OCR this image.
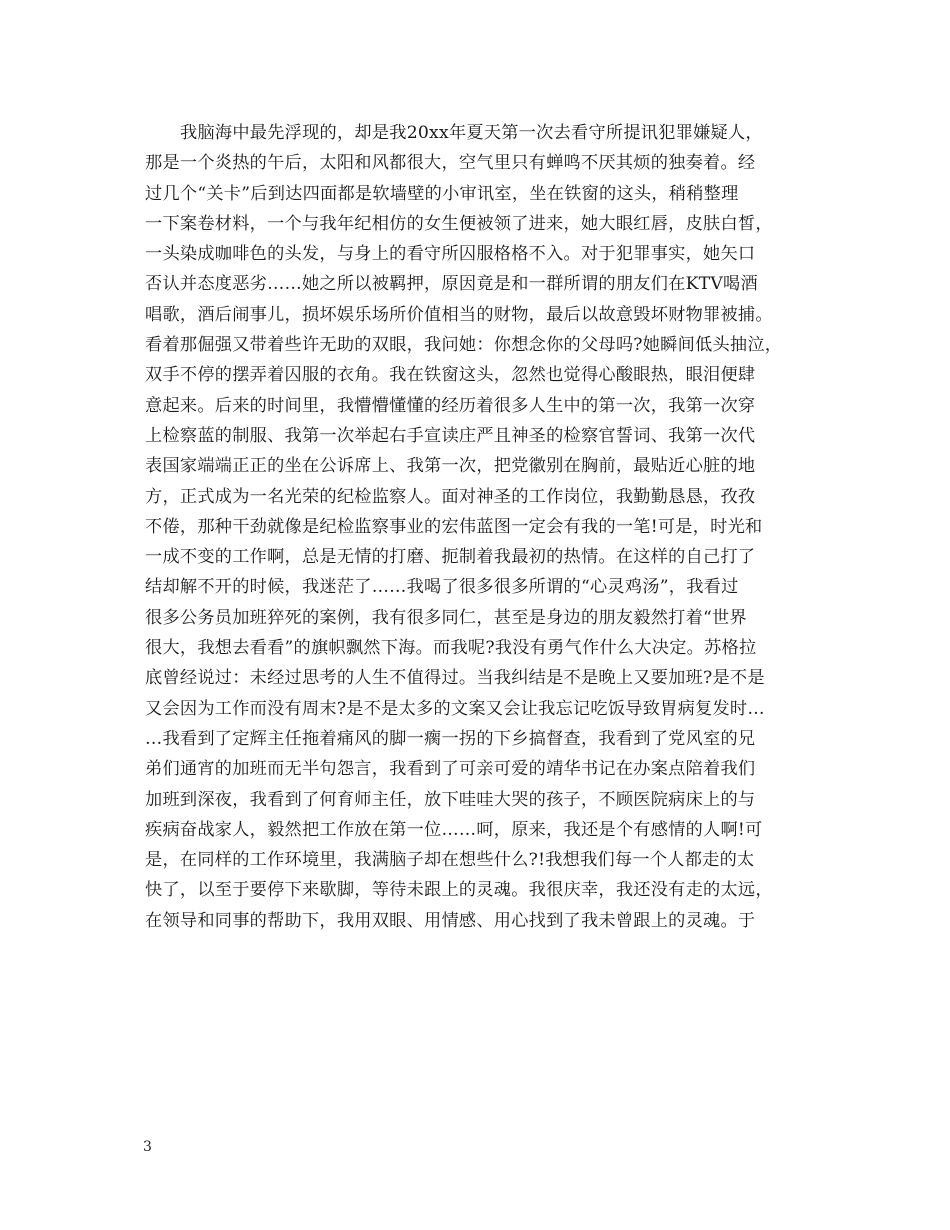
我脑海中最先浮现的，却是我20xx年夏天第一次去看守所提讯犯罪嫌疑人，
那是一个炎热的午后，太阳和风都很大，空气里只有蝉鸣不厌其烦的独奏着。经
过几个“关卡”后到达四面都是软墙壁的小审讯室，坐在铁窗的这头，稍稍整理
一下案卷材料，一个与我年纪相仿的女生便被领了进来，她大眼红唇，皮肤白皙，
一头染成咖啡色的头发，与身上的看守所囚服格格不入。对于犯罪事实，她矢口
否认并态度恶劣……她之所以被羁押，原因竟是和一群所谓的朋友们在KTV喝酒
唱歌，酒后闹事儿，损坏娱乐场所价值相当的财物，最后以故意毁坏财物罪被捕。
看着那倔强又带着些许无助的双眼，我问她：你想念你的父母吗?她瞬间低头抽泣，
双手不停的摆弄着囚服的衣角。我在铁窗这头，忽然也觉得心酸眼热，眼泪便肆
意起来。后来的时间里，我懵懵懂懂的经历着很多人生中的第一次，我第一次穿
上检察蓝的制服、我第一次举起右手宣读庄严且神圣的检察官誓词、我第一次代
表国家端端正正的坐在公诉席上、我第一次，把党徽别在胸前，最贴近心脏的地
方，正式成为一名光荣的纪检监察人。面对神圣的工作岗位，我勤勤恳恳，孜孜
不倦，那种干劲就像是纪检监察事业的宏伟蓝图一定会有我的一笔!可是，时光和
一成不变的工作啊，总是无情的打磨、扼制着我最初的热情。在这样的自己打了
结却解不开的时候，我迷茫了……我喝了很多很多所谓的“心灵鸡汤”，我看过
很多公务员加班猝死的案例，我有很多同仁，甚至是身边的朋友毅然打着“世界
很大，我想去看看”的旗帜飘然下海。而我呢?我没有勇气作什么大决定。苏格拉
底曾经说过：未经过思考的人生不值得过。当我纠结是不是晚上又要加班?是不是
又会因为工作而没有周末?是不是太多的文案又会让我忘记吃饭导致胃病复发时…
…我看到了定辉主任拖着痛风的脚一瘸一拐的下乡搞督查，我看到了党风室的兄
弟们通宵的加班而无半句怨言，我看到了可亲可爱的靖华书记在办案点陪着我们
加班到深夜，我看到了何育师主任，放下哇哇大哭的孩子，不顾医院病床上的与
疾病奋战家人，毅然把工作放在第一位……呵，原来，我还是个有感情的人啊!可
是，在同样的工作环境里，我满脑子却在想些什么?!我想我们每一个人都走的太
快了，以至于要停下来歇脚，等待未跟上的灵魂。我很庆幸，我还没有走的太远，
在领导和同事的帮助下，我用双眼、用情感、用心找到了我未曾跟上的灵魂。于
3
